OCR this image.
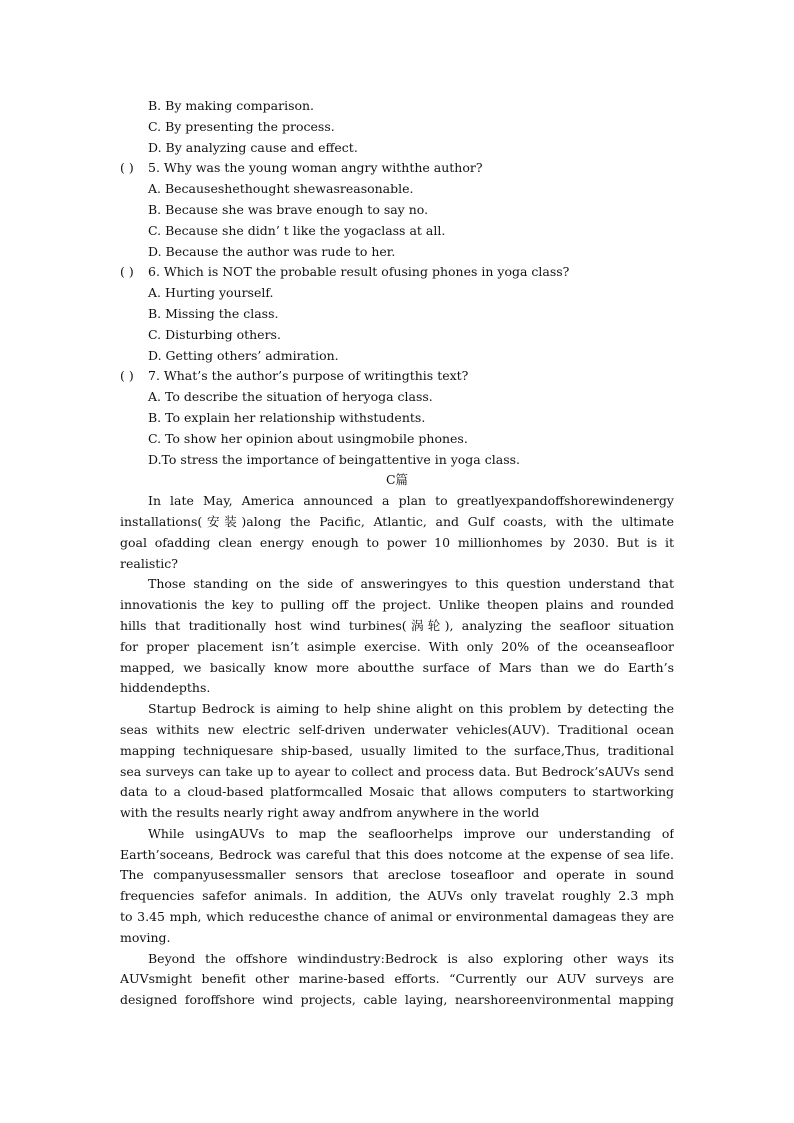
B. By making comparison.
C. By presenting the process.
D. By analyzing cause and effect.
( )	5. Why was the young woman angry withthe author?
A. Becauseshethought shewasreasonable.
B. Because she was brave enough to say no.
C. Because she didn’ t like the yogaclass at all.
D. Because the author was rude to her.
( )	6. Which is NOT the probable result ofusing phones in yoga class?
A. Hurting yourself.
B. Missing the class.
C. Disturbing others.
D. Getting others’ admiration.
( )	7. What’s the author’s purpose of writingthis text?
A. To describe the situation of heryoga class.
B. To explain her relationship withstudents.
C. To show her opinion about usingmobile phones.
D.To stress the importance of beingattentive in yoga class.
C篇
In late May, America announced a plan to greatlyexpandoffshorewindenergy
installations(安装)along the Pacific, Atlantic, and Gulf coasts, with the ultimate
goal ofadding clean energy enough to power 10 millionhomes by 2030. But is it
realistic?
Those standing on the side of answeringyes to this question understand that
innovationis the key to pulling off the project. Unlike theopen plains and rounded
hills that traditionally host wind turbines(涡轮), analyzing the seafloor situation
for proper placement isn’t asimple exercise. With only 20% of the oceanseafloor
mapped, we basically know more aboutthe surface of Mars than we do Earth’s
hiddendepths.
Startup Bedrock is aiming to help shine alight on this problem by detecting the
seas withits new electric self-driven underwater vehicles(AUV). Traditional ocean
mapping techniquesare ship-based, usually limited to the surface,Thus, traditional
sea surveys can take up to ayear to collect and process data. But Bedrock’sAUVs send
data to a cloud-based platformcalled Mosaic that allows computers to startworking
with the results nearly right away andfrom anywhere in the world
While usingAUVs to map the seafloorhelps improve our understanding of
Earth’soceans, Bedrock was careful that this does notcome at the expense of sea life.
The companyusessmaller sensors that areclose toseafloor and operate in sound
frequencies safefor animals. In addition, the AUVs only travelat roughly 2.3 mph
to 3.45 mph, which reducesthe chance of animal or environmental damageas they are
moving.
Beyond the offshore windindustry:Bedrock is also exploring other ways its
AUVsmight benefit other marine-based efforts. “Currently our AUV surveys are
designed foroffshore wind projects, cable laying, nearshoreenvironmental mapping
